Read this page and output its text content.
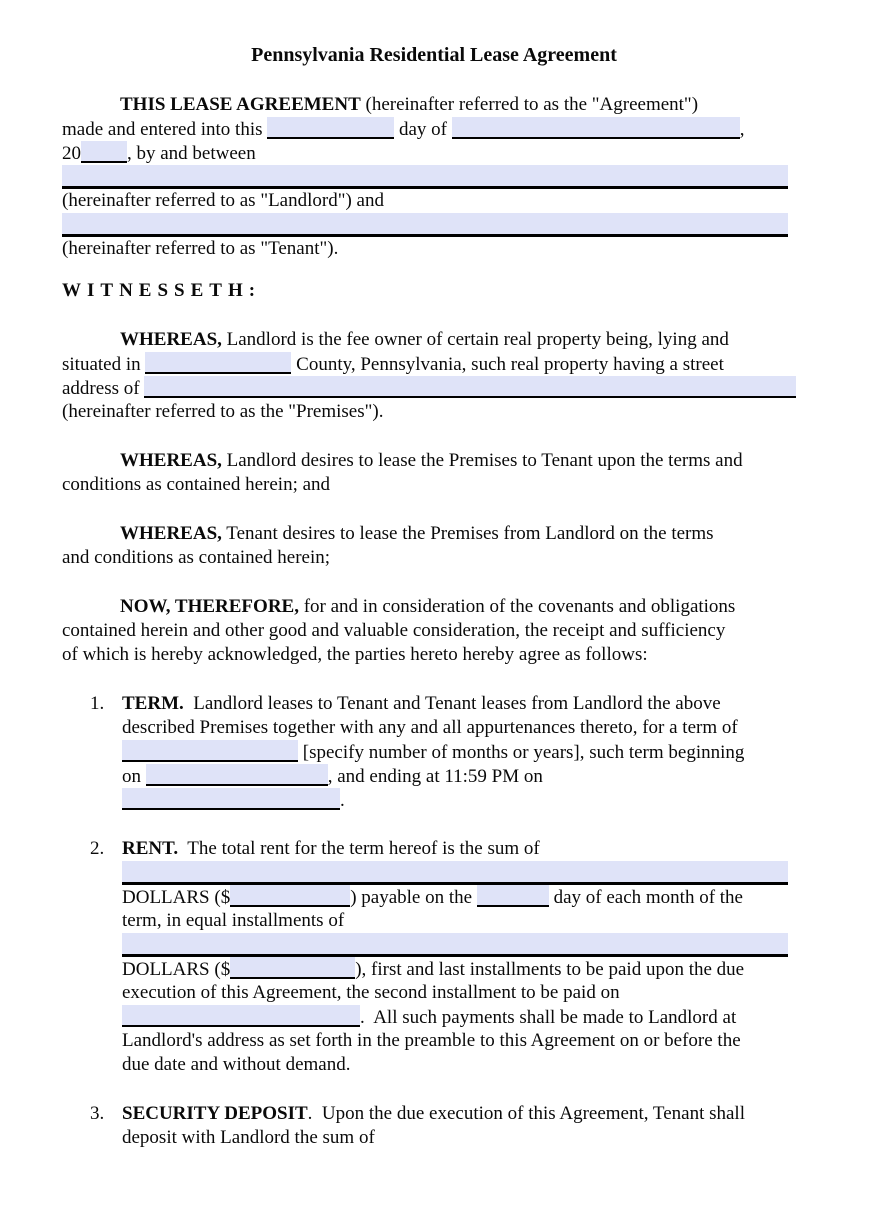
Pennsylvania Residential Lease Agreement
THIS LEASE AGREEMENT (hereinafter referred to as the "Agreement")
made and entered into this	day of	,
20 , by and between
(hereinafter referred to as "Landlord") and
(hereinafter referred to as "Tenant").
WITNESSETH:
WHEREAS, Landlord is the fee owner of certain real property being, lying and
situated in	County, Pennsylvania, such real property having a street
address of
(hereinafter referred to as the "Premises").
WHEREAS, Landlord desires to lease the Premises to Tenant upon the terms and
conditions as contained herein; and
WHEREAS, Tenant desires to lease the Premises from Landlord on the terms
and conditions as contained herein;
NOW, THEREFORE, for and in consideration of the covenants and obligations
contained herein and other good and valuable consideration, the receipt and sufficiency
of which is hereby acknowledged, the parties hereto hereby agree as follows:
1. TERM.  Landlord leases to Tenant and Tenant leases from Landlord the above
described Premises together with any and all appurtenances thereto, for a term of
[specify number of months or years], such term beginning
on	, and ending at 11:59 PM on
.
2. RENT.  The total rent for the term hereof is the sum of
DOLLARS ($	) payable on the	day of each month of the
term, in equal installments of
DOLLARS ($	), first and last installments to be paid upon the due
execution of this Agreement, the second installment to be paid on
.  All such payments shall be made to Landlord at
Landlord's address as set forth in the preamble to this Agreement on or before the
due date and without demand.
3. SECURITY DEPOSIT.  Upon the due execution of this Agreement, Tenant shall
deposit with Landlord the sum of
